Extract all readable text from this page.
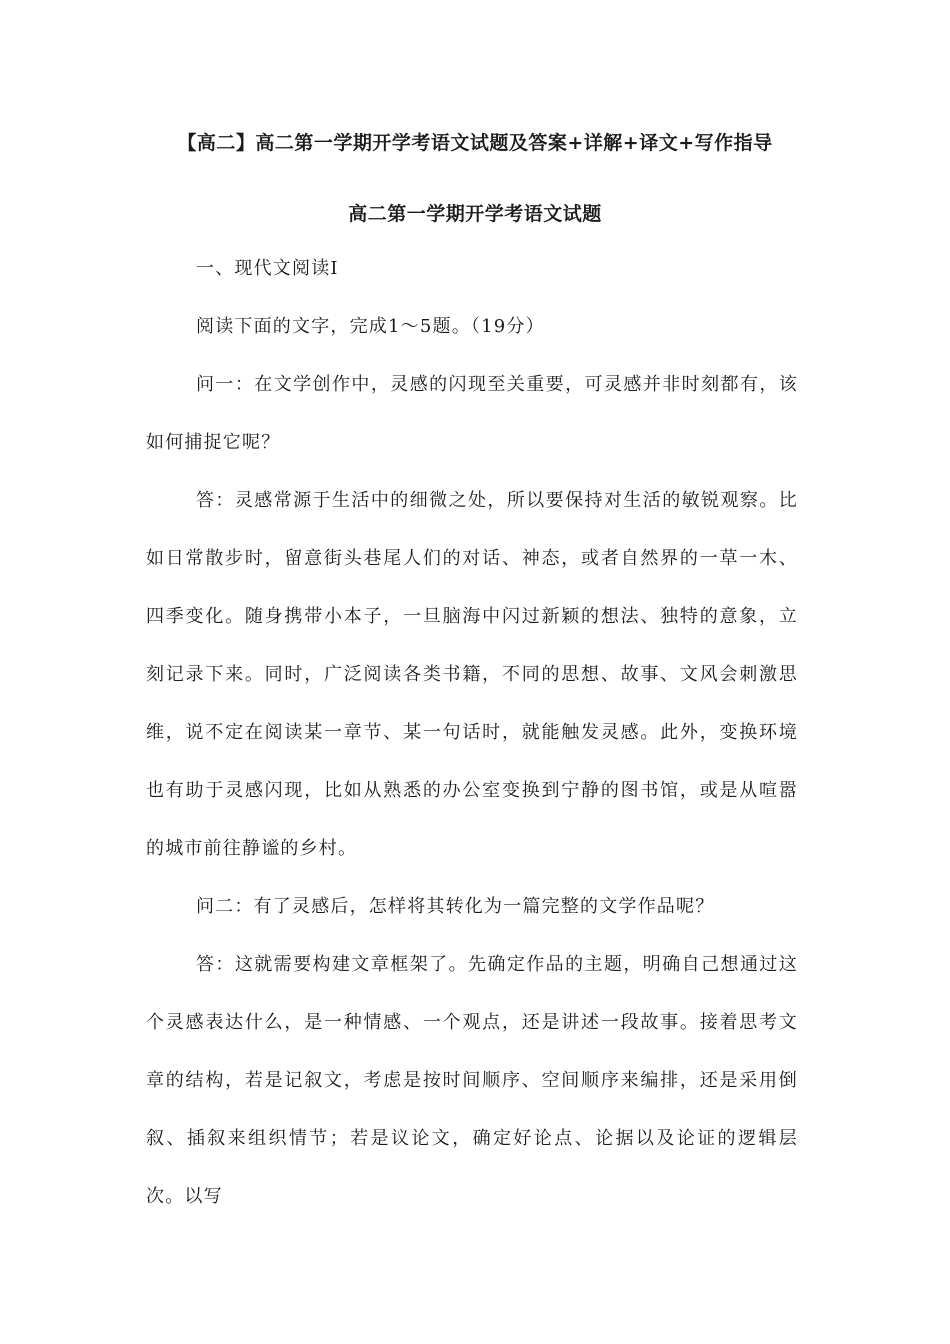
【高二】高二第一学期开学考语文试题及答案+详解+译文+写作指导
高二第一学期开学考语文试题

一、现代文阅读Ⅰ

阅读下面的文字，完成1～5题。（19分）

问一：在文学创作中，灵感的闪现至关重要，可灵感并非时刻都有，该如何捕捉它呢？

答：灵感常源于生活中的细微之处，所以要保持对生活的敏锐观察。比如日常散步时，留意街头巷尾人们的对话、神态，或者自然界的一草一木、四季变化。随身携带小本子，一旦脑海中闪过新颖的想法、独特的意象，立刻记录下来。同时，广泛阅读各类书籍，不同的思想、故事、文风会刺激思维，说不定在阅读某一章节、某一句话时，就能触发灵感。此外，变换环境也有助于灵感闪现，比如从熟悉的办公室变换到宁静的图书馆，或是从喧嚣的城市前往静谧的乡村。

问二：有了灵感后，怎样将其转化为一篇完整的文学作品呢？

答：这就需要构建文章框架了。先确定作品的主题，明确自己想通过这个灵感表达什么，是一种情感、一个观点，还是讲述一段故事。接着思考文章的结构，若是记叙文，考虑是按时间顺序、空间顺序来编排，还是采用倒叙、插叙来组织情节；若是议论文，确定好论点、论据以及论证的逻辑层次。以写
